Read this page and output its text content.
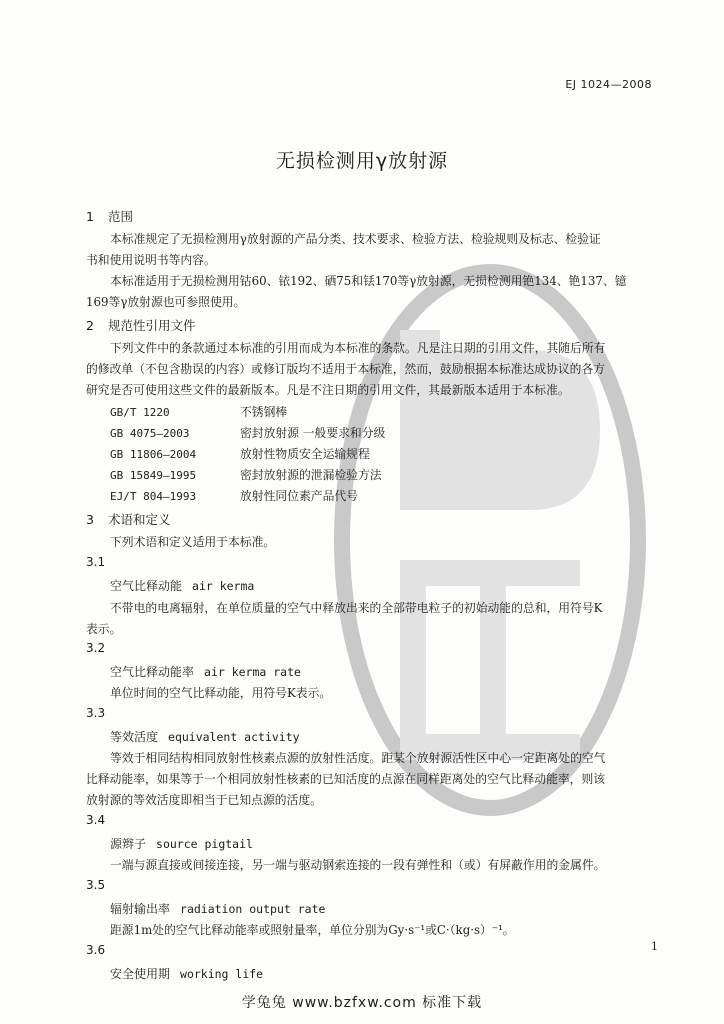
EJ 1024—2008
无损检测用γ放射源
1 范围
本标准规定了无损检测用γ放射源的产品分类、技术要求、检验方法、检验规则及标志、检验证
书和使用说明书等内容。
本标准适用于无损检测用钴60、铱192、硒75和铥170等γ放射源，无损检测用铯134、铯137、镱
169等γ放射源也可参照使用。
2 规范性引用文件
下列文件中的条款通过本标准的引用而成为本标准的条款。凡是注日期的引用文件，其随后所有
的修改单（不包含勘误的内容）或修订版均不适用于本标准，然而，鼓励根据本标准达成协议的各方
研究是否可使用这些文件的最新版本。凡是不注日期的引用文件，其最新版本适用于本标准。
GB/T 1220	不锈钢棒
GB 4075—2003	密封放射源 一般要求和分级
GB 11806—2004	放射性物质安全运输规程
GB 15849—1995	密封放射源的泄漏检验方法
EJ/T 804—1993	放射性同位素产品代号
3 术语和定义
下列术语和定义适用于本标准。
3.1
空气比释动能 air kerma
不带电的电离辐射，在单位质量的空气中释放出来的全部带电粒子的初始动能的总和，用符号K
表示。
3.2
空气比释动能率 air kerma rate
单位时间的空气比释动能，用符号K表示。
3.3
等效活度 equivalent activity
等效于相同结构相同放射性核素点源的放射性活度。距某个放射源活性区中心一定距离处的空气
比释动能率，如果等于一个相同放射性核素的已知活度的点源在同样距离处的空气比释动能率，则该
放射源的等效活度即相当于已知点源的活度。
3.4
源辫子 source pigtail
一端与源直接或间接连接，另一端与驱动钢索连接的一段有弹性和（或）有屏蔽作用的金属件。
3.5
辐射输出率 radiation output rate
距源1m处的空气比释动能率或照射量率，单位分别为Gy·s⁻¹或C·（kg·s）⁻¹。
3.6
安全使用期 working life
1
学兔兔 www.bzfxw.com 标准下载
